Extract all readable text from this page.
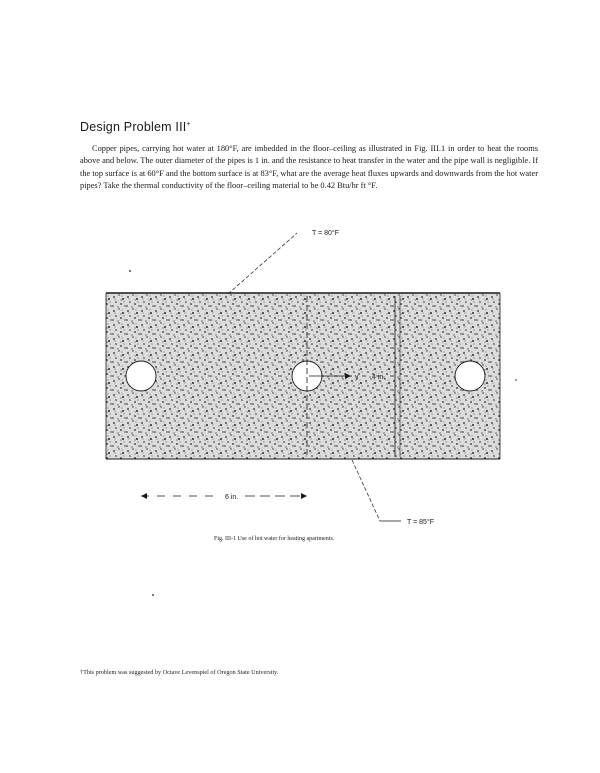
Design Problem III+

Copper pipes, carrying hot water at 180°F, are imbedded in the floor–ceiling as illustrated in Fig. III.1 in order to heat the rooms above and below. The outer diameter of the pipes is 1 in. and the resistance to heat transfer in the water and the pipe wall is negligible. If the top surface is at 60°F and the bottom surface is at 83°F, what are the average heat fluxes upwards and downwards from the hot water pipes? Take the thermal conductivity of the floor–ceiling material to be 0.42 Btu/hr ft °F.

y 4 in.
T = 80°F
T = 85°F
6 in.
Fig. III-1 Use of hot water for heating apartments.
†This problem was suggested by Octave Levenspiel of Oregon State University.
